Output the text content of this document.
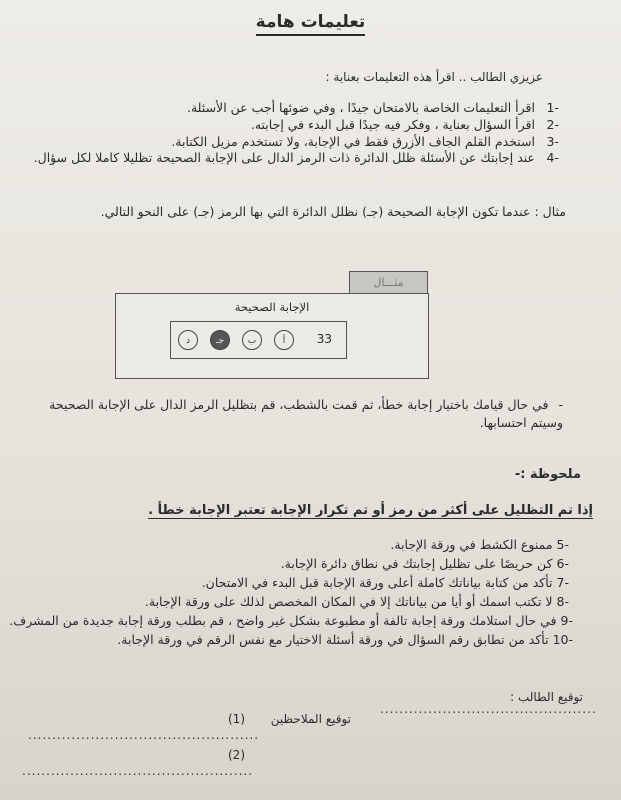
تعليمات هامة
عزيزي الطالب .. اقرأ هذه التعليمات بعناية :
-1اقرأ التعليمات الخاصة بالامتحان جيدًا ، وفي ضوئها أجب عن الأسئلة.
-2اقرأ السؤال بعناية ، وفكر فيه جيدًا قبل البدء في إجابته.
-3استخدم القلم الجاف الأزرق فقط في الإجابة، ولا تستخدم مزيل الكتابة.
-4عند إجابتك عن الأسئلة ظلل الدائرة ذات الرمز الدال على الإجابة الصحيحة تظليلا كاملا لكل سؤال.
مثال : عندما تكون الإجابة الصحيحة (جـ) نظلل الدائرة التي بها الرمز (جـ) على النحو التالي.
مثـــال
الإجابة الصحيحة
33
أ
ب
جـ
د
-في حال قيامك باختيار إجابة خطأ، ثم قمت بالشطب، قم بتظليل الرمز الدال على الإجابة الصحيحة
وسيتم احتسابها.
ملحوظة :-
إذا تم التظليل على أكثر من رمز أو تم تكرار الإجابة تعتبر الإجابة خطأ .
-5ممنوع الكشط في ورقة الإجابة.
-6كن حريصًا على تظليل إجابتك في نطاق دائرة الإجابة.
-7تأكد من كتابة بياناتك كاملة أعلى ورقة الإجابة قبل البدء في الامتحان.
-8لا تكتب اسمك أو أيا من بياناتك إلا في المكان المخصص لذلك على ورقة الإجابة.
-9في حال استلامك ورقة إجابة تالفة أو مطبوعة بشكل غير واضح ، قم بطلب ورقة إجابة جديدة من المشرف.
-10تأكد من تطابق رقم السؤال في ورقة أسئلة الاختيار مع نفس الرقم في ورقة الإجابة.
توقيع الطالب :
.............................................
توقيع الملاحظين
(1)
................................................
(2)
................................................
